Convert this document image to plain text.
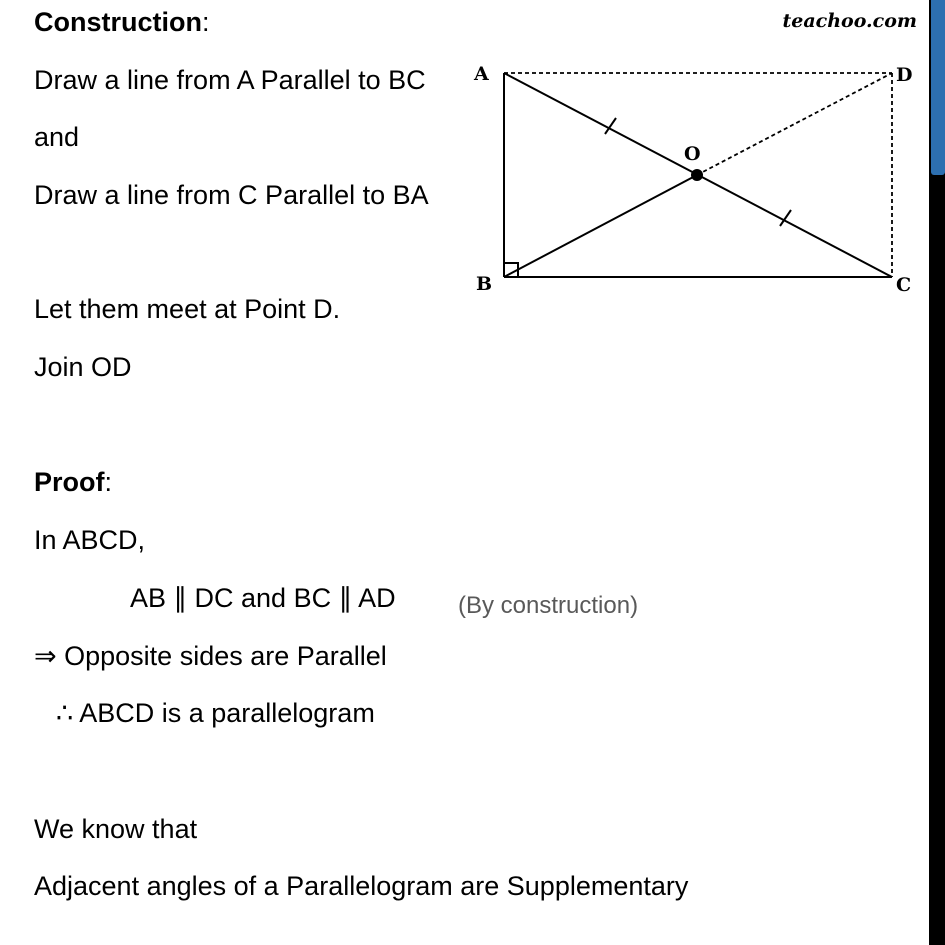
teachoo.com
Construction:
Draw a line from A Parallel to BC
and
Draw a line from C Parallel to BA
Let them meet at Point D.
Join OD
Proof:
In ABCD,
AB ∥ DC and BC ∥ AD	(By construction)
⇒ Opposite sides are Parallel
∴ ABCD is a parallelogram
We know that
Adjacent angles of a Parallelogram are Supplementary
A
B	C
D
O
